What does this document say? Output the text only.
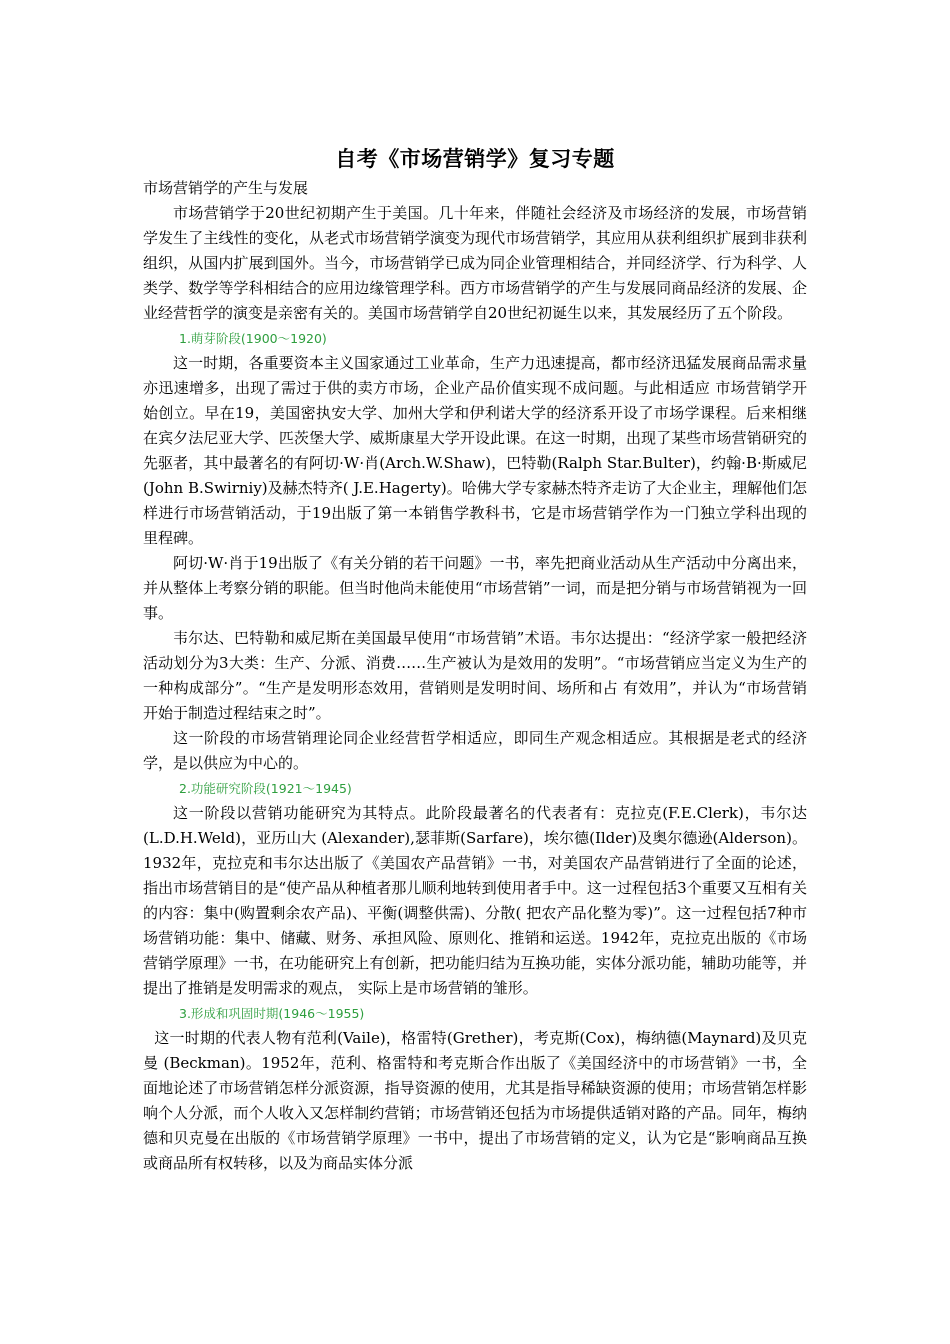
自考《市场营销学》复习专题
市场营销学的产生与发展

市场营销学于20世纪初期产生于美国。几十年来，伴随社会经济及市场经济的发展，市场营销学发生了主线性的变化，从老式市场营销学演变为现代市场营销学，其应用从获利组织扩展到非获利组织，从国内扩展到国外。当今，市场营销学已成为同企业管理相结合，并同经济学、行为科学、人类学、数学等学科相结合的应用边缘管理学科。西方市场营销学的产生与发展同商品经济的发展、企业经营哲学的演变是亲密有关的。美国市场营销学自20世纪初诞生以来，其发展经历了五个阶段。

1.萌芽阶段(1900～1920)

这一时期，各重要资本主义国家通过工业革命，生产力迅速提高，都市经济迅猛发展商品需求量亦迅速增多，出现了需过于供的卖方市场，企业产品价值实现不成问题。与此相适应 市场营销学开始创立。早在19，美国密执安大学、加州大学和伊利诺大学的经济系开设了市场学课程。后来相继在宾夕法尼亚大学、匹茨堡大学、威斯康星大学开设此课。在这一时期，出现了某些市场营销研究的先驱者，其中最著名的有阿切·W·肖(Arch.W.Shaw)，巴特勒(Ralph Star.Bulter)，约翰·B·斯威尼(John B.Swirniy)及赫杰特齐( J.E.Hagerty)。哈佛大学专家赫杰特齐走访了大企业主，理解他们怎样进行市场营销活动，于19出版了第一本销售学教科书，它是市场营销学作为一门独立学科出现的里程碑。

阿切·W·肖于19出版了《有关分销的若干问题》一书，率先把商业活动从生产活动中分离出来，并从整体上考察分销的职能。但当时他尚未能使用“市场营销”一词，而是把分销与市场营销视为一回事。

韦尔达、巴特勒和威尼斯在美国最早使用“市场营销”术语。韦尔达提出：“经济学家一般把经济活动划分为3大类：生产、分派、消费……生产被认为是效用的发明”。“市场营销应当定义为生产的一种构成部分”。“生产是发明形态效用，营销则是发明时间、场所和占 有效用”，并认为“市场营销开始于制造过程结束之时”。

这一阶段的市场营销理论同企业经营哲学相适应，即同生产观念相适应。其根据是老式的经济学，是以供应为中心的。

2.功能研究阶段(1921～1945)

这一阶段以营销功能研究为其特点。此阶段最著名的代表者有：克拉克(F.E.Clerk)，韦尔达(L.D.H.Weld)，亚历山大 (Alexander),瑟菲斯(Sarfare)，埃尔德(Ilder)及奥尔德逊(Alderson)。1932年，克拉克和韦尔达出版了《美国农产品营销》一书，对美国农产品营销进行了全面的论述，指出市场营销目的是“使产品从种植者那儿顺利地转到使用者手中。这一过程包括3个重要又互相有关的内容：集中(购置剩余农产品)、平衡(调整供需)、分散( 把农产品化整为零)”。这一过程包括7种市场营销功能：集中、储藏、财务、承担风险、原则化、推销和运送。1942年，克拉克出版的《市场营销学原理》一书，在功能研究上有创新，把功能归结为互换功能，实体分派功能，辅助功能等，并提出了推销是发明需求的观点， 实际上是市场营销的雏形。

3.形成和巩固时期(1946～1955)

这一时期的代表人物有范利(Vaile)，格雷特(Grether)，考克斯(Cox)，梅纳德(Maynard)及贝克曼 (Beckman)。1952年，范利、格雷特和考克斯合作出版了《美国经济中的市场营销》一书，全面地论述了市场营销怎样分派资源，指导资源的使用，尤其是指导稀缺资源的使用；市场营销怎样影响个人分派，而个人收入又怎样制约营销；市场营销还包括为市场提供适销对路的产品。同年，梅纳德和贝克曼在出版的《市场营销学原理》一书中，提出了市场营销的定义，认为它是“影响商品互换或商品所有权转移，以及为商品实体分派
